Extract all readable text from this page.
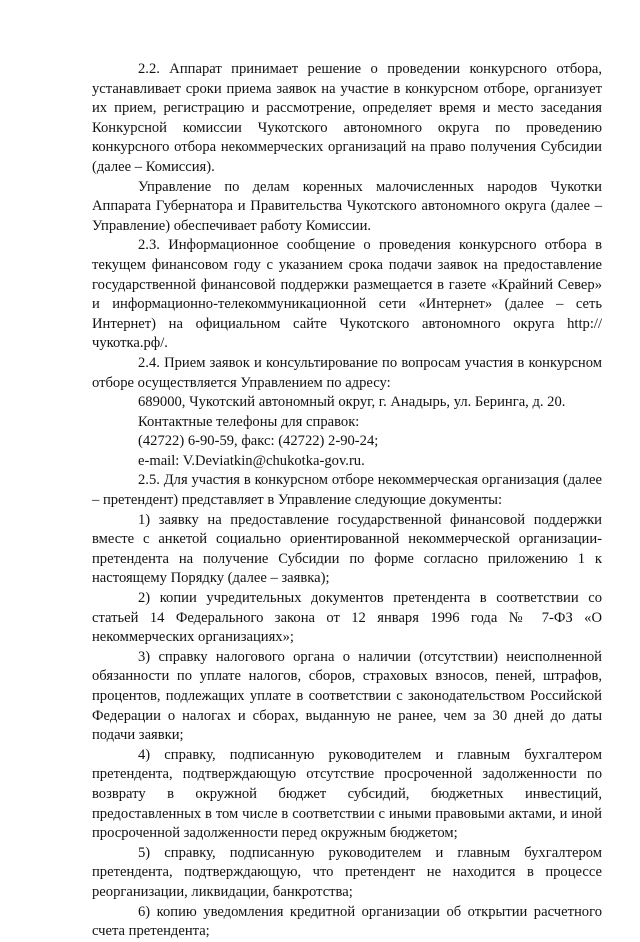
2.2. Аппарат принимает решение о проведении конкурсного отбора, устанавливает сроки приема заявок на участие в конкурсном отборе, организует их прием, регистрацию и рассмотрение, определяет время и место заседания Конкурсной комиссии Чукотского автономного округа по проведению конкурсного отбора некоммерческих организаций на право получения Субсидии (далее – Комиссия).

Управление по делам коренных малочисленных народов Чукотки Аппарата Губернатора и Правительства Чукотского автономного округа (далее – Управление) обеспечивает работу Комиссии.

2.3. Информационное сообщение о проведения конкурсного отбора в текущем финансовом году с указанием срока подачи заявок на предоставление государственной финансовой поддержки размещается в газете «Крайний Север» и информационно-телекоммуникационной сети «Интернет» (далее – сеть Интернет) на официальном сайте Чукотского автономного округа http://чукотка.рф/.

2.4. Прием заявок и консультирование по вопросам участия в конкурсном отборе осуществляется Управлением по адресу:

689000, Чукотский автономный округ, г. Анадырь, ул. Беринга, д. 20.

Контактные телефоны для справок:

(42722) 6-90-59, факс: (42722) 2-90-24;

e-mail: V.Deviatkin@chukotka-gov.ru.

2.5. Для участия в конкурсном отборе некоммерческая организация (далее – претендент) представляет в Управление следующие документы:

1) заявку на предоставление государственной финансовой поддержки вместе с анкетой социально ориентированной некоммерческой организации-претендента на получение Субсидии по форме согласно приложению 1 к настоящему Порядку (далее – заявка);

2) копии учредительных документов претендента в соответствии со статьей 14 Федерального закона от 12 января 1996 года № 7-ФЗ «О некоммерческих организациях»;

3) справку налогового органа о наличии (отсутствии) неисполненной обязанности по уплате налогов, сборов, страховых взносов, пеней, штрафов, процентов, подлежащих уплате в соответствии с законодательством Российской Федерации о налогах и сборах, выданную не ранее, чем за 30 дней до даты подачи заявки;

4) справку, подписанную руководителем и главным бухгалтером претендента, подтверждающую отсутствие просроченной задолженности по возврату в окружной бюджет субсидий, бюджетных инвестиций, предоставленных в том числе в соответствии с иными правовыми актами, и иной просроченной задолженности перед окружным бюджетом;

5) справку, подписанную руководителем и главным бухгалтером претендента, подтверждающую, что претендент не находится в процессе реорганизации, ликвидации, банкротства;

6) копию уведомления кредитной организации об открытии расчетного счета претендента;
